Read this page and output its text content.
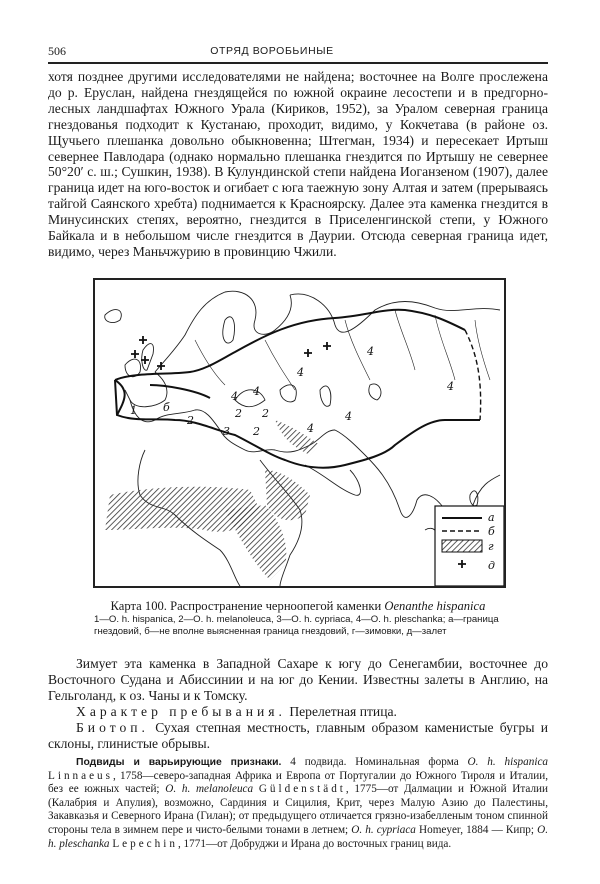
506	ОТРЯД ВОРОБЬИНЫЕ

хотя позднее другими исследователями не найдена; восточнее на Волге прослежена до р. Еруслан, найдена гнездящейся по южной окраине лесостепи и в предгорно-лесных ландшафтах Южного Урала (Кириков, 1952), за Уралом северная граница гнездованья подходит к Кустанаю, проходит, видимо, у Кокчетава (в районе оз. Щучьего плешанка довольно обыкновенна; Штегман, 1934) и пересекает Иртыш севернее Павлодара (однако нормально плешанка гнездится по Иртышу не севернее 50°20′ с. ш.; Сушкин, 1938). В Кулундинской степи найдена Иоганзеном (1907), далее граница идет на юго-восток и огибает с юга таежную зону Алтая и затем (прерываясь тайгой Саянского хребта) поднимается к Красноярску. Далее эта каменка гнездится в Минусинских степях, вероятно, гнездится в Приселенгинской степи, у Южного Байкала и в небольшом числе гнездится в Даурии. Отсюда северная граница идет, видимо, через Маньчжурию в провинцию Чжили.

1 б
2
2 2
2
3
4 4
4
4
4
4
4
а
б
г
д
Карта 100. Распространение черноопегой каменки Oenanthe hispanica
1—O. h. hispanica, 2—O. h. melanoleuca, 3—O. h. cypriaca, 4—O. h. pleschanka; а—граница гнездовий, б—не вполне выясненная граница гнездовий, г—зимовки, д—залет
Зимует эта каменка в Западной Сахаре к югу до Сенегамбии, восточнее до Восточного Судана и Абиссинии и на юг до Кении. Известны залеты в Англию, на Гельголанд, к оз. Чаны и к Томску.
Характер пребывания. Перелетная птица.
Биотоп. Сухая степная местность, главным образом каменистые бугры и склоны, глинистые обрывы.
Подвиды и варьирующие признаки. 4 подвида. Номинальная форма O. h. hispanica Linnaeus, 1758—северо-западная Африка и Европа от Португалии до Южного Тироля и Италии, без ее южных частей; O. h. melanoleuca Güldenstädt, 1775—от Далмации и Южной Италии (Калабрия и Апулия), возможно, Сардиния и Сицилия, Крит, через Малую Азию до Палестины, Закавказья и Северного Ирана (Гилан); от предыдущего отличается грязно-изабелленым тоном спинной стороны тела в зимнем пере и чисто-белыми тонами в летнем; O. h. cypriaca Homeyer, 1884 — Кипр; O. h. pleschanka Lepechin, 1771—от Добруджи и Ирана до восточных границ вида.
